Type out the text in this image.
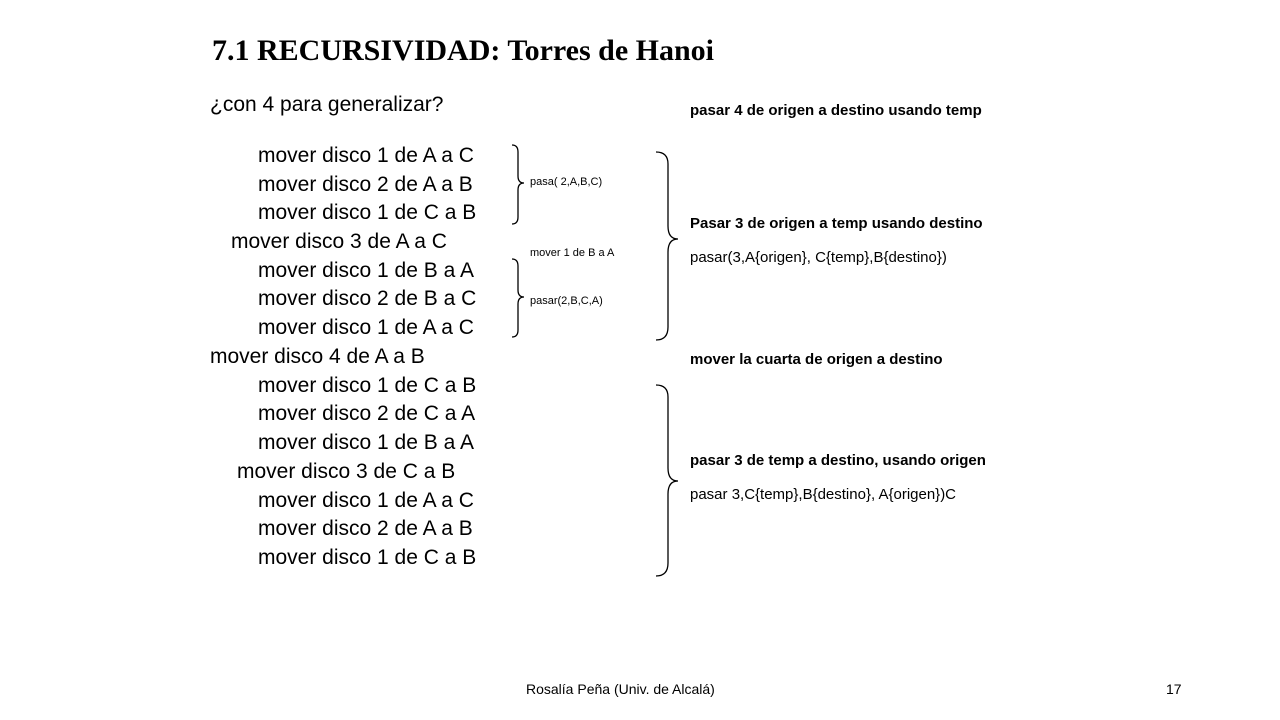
7.1 RECURSIVIDAD: Torres de Hanoi
¿con 4 para generalizar?
mover disco 1 de A a C
mover disco 2 de A a B
mover disco 1 de C a B
mover disco 3 de A a C
mover disco 1 de B a A
mover disco 2 de B a C
mover disco 1 de A a C
mover disco 4 de A a B
mover disco 1 de C a B
mover disco 2 de C a A
mover disco 1 de B a A
mover disco 3 de C a B
mover disco 1 de A a C
mover disco 2 de A a B
mover disco 1 de C a B
pasa( 2,A,B,C)
mover 1 de B a A
pasar(2,B,C,A)
pasar 4 de origen a destino usando temp
Pasar 3 de origen a temp usando destino
pasar(3,A{origen}, C{temp},B{destino})
mover la cuarta de origen a destino
pasar 3 de temp a destino, usando origen
pasar 3,C{temp},B{destino}, A{origen})C
Rosalía Peña (Univ. de Alcalá)	17
